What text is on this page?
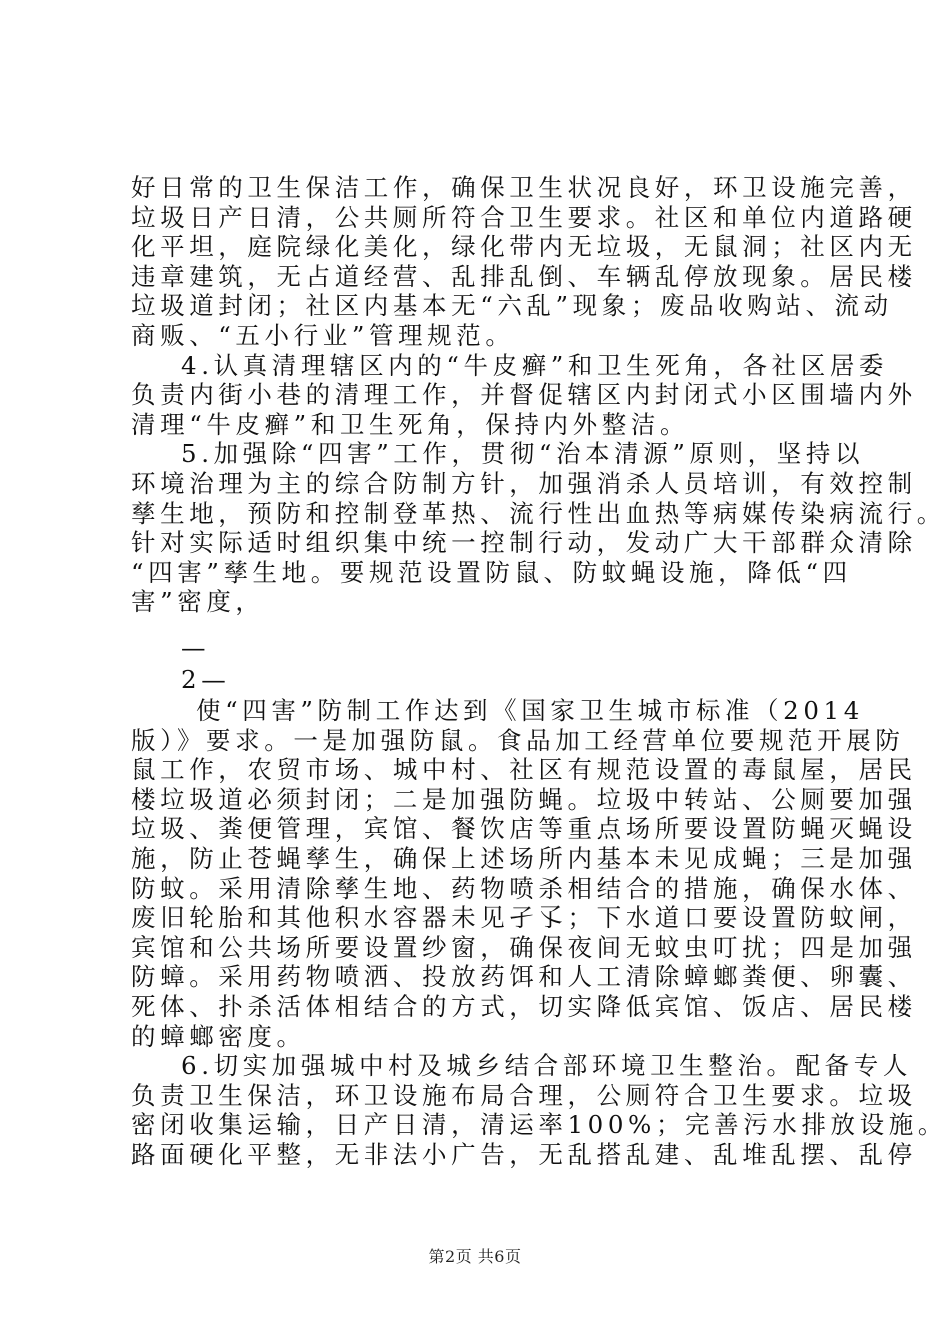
好日常的卫生保洁工作，确保卫生状况良好，环卫设施完善，
垃圾日产日清，公共厕所符合卫生要求。社区和单位内道路硬
化平坦，庭院绿化美化，绿化带内无垃圾，无鼠洞；社区内无
违章建筑，无占道经营、乱排乱倒、车辆乱停放现象。居民楼
垃圾道封闭；社区内基本无“六乱”现象；废品收购站、流动
商贩、“五小行业”管理规范。
4.认真清理辖区内的“牛皮癣”和卫生死角，各社区居委
负责内街小巷的清理工作，并督促辖区内封闭式小区围墙内外
清理“牛皮癣”和卫生死角，保持内外整洁。
5.加强除“四害”工作，贯彻“治本清源”原则，坚持以
环境治理为主的综合防制方针，加强消杀人员培训，有效控制
孳生地，预防和控制登革热、流行性出血热等病媒传染病流行。
针对实际适时组织集中统一控制行动，发动广大干部群众清除
“四害”孳生地。要规范设置防鼠、防蚊蝇设施，降低“四
害”密度，
—
2—
使“四害”防制工作达到《国家卫生城市标准（2014
版）》要求。一是加强防鼠。食品加工经营单位要规范开展防
鼠工作，农贸市场、城中村、社区有规范设置的毒鼠屋，居民
楼垃圾道必须封闭；二是加强防蝇。垃圾中转站、公厕要加强
垃圾、粪便管理，宾馆、餐饮店等重点场所要设置防蝇灭蝇设
施，防止苍蝇孳生，确保上述场所内基本未见成蝇；三是加强
防蚊。采用清除孳生地、药物喷杀相结合的措施，确保水体、
废旧轮胎和其他积水容器未见孑孓；下水道口要设置防蚊闸，
宾馆和公共场所要设置纱窗，确保夜间无蚊虫叮扰；四是加强
防蟑。采用药物喷洒、投放药饵和人工清除蟑螂粪便、卵囊、
死体、扑杀活体相结合的方式，切实降低宾馆、饭店、居民楼
的蟑螂密度。
6.切实加强城中村及城乡结合部环境卫生整治。配备专人
负责卫生保洁，环卫设施布局合理，公厕符合卫生要求。垃圾
密闭收集运输，日产日清，清运率100%；完善污水排放设施。
路面硬化平整，无非法小广告，无乱搭乱建、乱堆乱摆、乱停
第2页 共6页
